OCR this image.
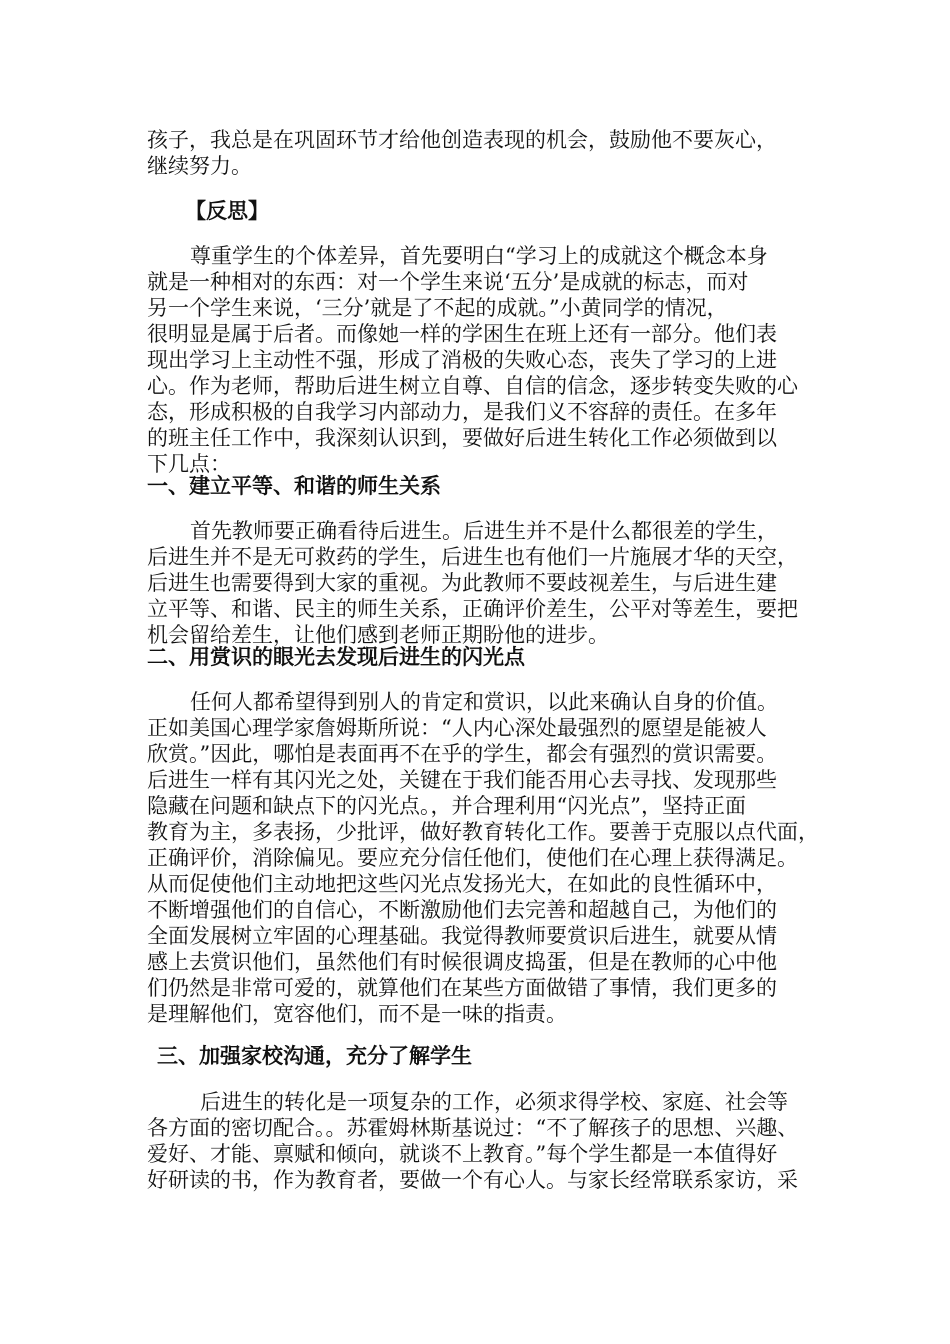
孩子，我总是在巩固环节才给他创造表现的机会，鼓励他不要灰心，
继续努力。
【反思】
尊重学生的个体差异，首先要明白“学习上的成就这个概念本身
就是一种相对的东西：对一个学生来说‘五分’是成就的标志，而对
另一个学生来说，‘三分’就是了不起的成就。”小黄同学的情况，
很明显是属于后者。而像她一样的学困生在班上还有一部分。他们表
现出学习上主动性不强，形成了消极的失败心态，丧失了学习的上进
心。作为老师，帮助后进生树立自尊、自信的信念，逐步转变失败的心
态，形成积极的自我学习内部动力，是我们义不容辞的责任。在多年
的班主任工作中，我深刻认识到，要做好后进生转化工作必须做到以
下几点：
一、建立平等、和谐的师生关系
首先教师要正确看待后进生。后进生并不是什么都很差的学生，
后进生并不是无可救药的学生，后进生也有他们一片施展才华的天空，
后进生也需要得到大家的重视。为此教师不要歧视差生，与后进生建
立平等、和谐、民主的师生关系，正确评价差生，公平对等差生，要把
机会留给差生，让他们感到老师正期盼他的进步。
二、用赏识的眼光去发现后进生的闪光点
任何人都希望得到别人的肯定和赏识，以此来确认自身的价值。
正如美国心理学家詹姆斯所说：“人内心深处最强烈的愿望是能被人
欣赏。”因此，哪怕是表面再不在乎的学生，都会有强烈的赏识需要。
后进生一样有其闪光之处，关键在于我们能否用心去寻找、发现那些
隐藏在问题和缺点下的闪光点。，并合理利用“闪光点”，坚持正面
教育为主，多表扬，少批评，做好教育转化工作。要善于克服以点代面，
正确评价，消除偏见。要应充分信任他们，使他们在心理上获得满足。
从而促使他们主动地把这些闪光点发扬光大，在如此的良性循环中，
不断增强他们的自信心，不断激励他们去完善和超越自己，为他们的
全面发展树立牢固的心理基础。我觉得教师要赏识后进生，就要从情
感上去赏识他们，虽然他们有时候很调皮捣蛋，但是在教师的心中他
们仍然是非常可爱的，就算他们在某些方面做错了事情，我们更多的
是理解他们，宽容他们，而不是一味的指责。
三、加强家校沟通，充分了解学生
后进生的转化是一项复杂的工作，必须求得学校、家庭、社会等
各方面的密切配合。。苏霍姆林斯基说过：“不了解孩子的思想、兴趣、
爱好、才能、禀赋和倾向，就谈不上教育。”每个学生都是一本值得好
好研读的书，作为教育者，要做一个有心人。与家长经常联系家访，采
